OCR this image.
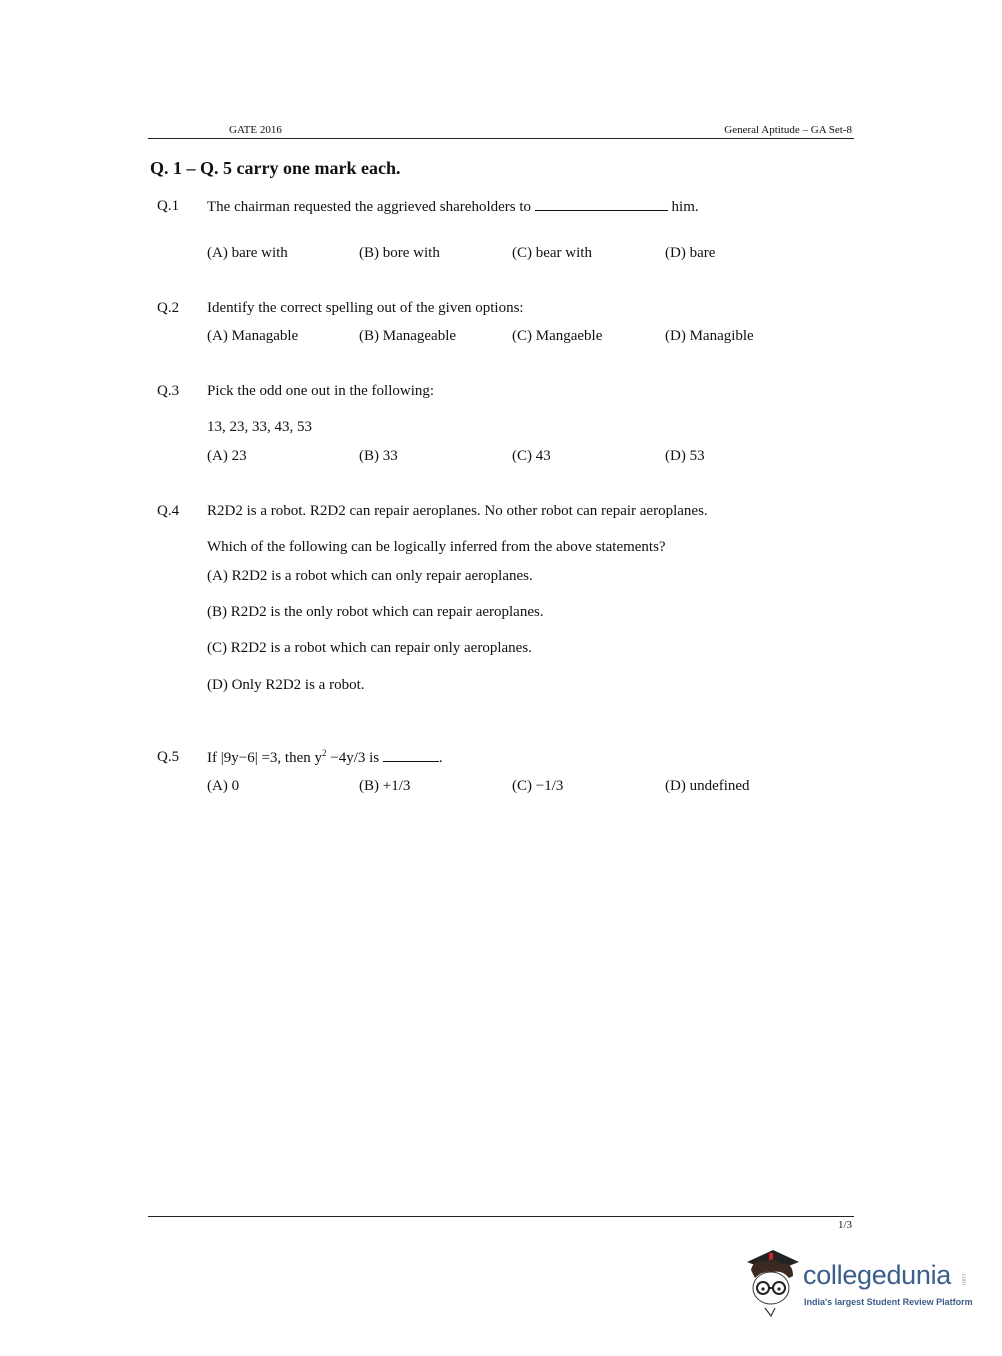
GATE 2016	General Aptitude – GA Set-8
Q. 1 – Q. 5 carry one mark each.
Q.1 The chairman requested the aggrieved shareholders to	him.
(A) bare with	(B) bore with	(C) bear with	(D) bare
Q.2 Identify the correct spelling out of the given options:
(A) Managable	(B) Manageable	(C) Mangaeble	(D) Managible
Q.3 Pick the odd one out in the following:
13, 23, 33, 43, 53
(A) 23	(B) 33	(C) 43	(D) 53
Q.4 R2D2 is a robot. R2D2 can repair aeroplanes. No other robot can repair aeroplanes.
Which of the following can be logically inferred from the above statements?
(A) R2D2 is a robot which can only repair aeroplanes.
(B) R2D2 is the only robot which can repair aeroplanes.
(C) R2D2 is a robot which can repair only aeroplanes.
(D) Only R2D2 is a robot.
Q.5 If |9y−6| =3, then $y^2 -4y/3$ is	.
(A) 0	(B) +1/3	(C) −1/3	(D) undefined
1/3
collegedunia .com
India's largest Student Review Platform
